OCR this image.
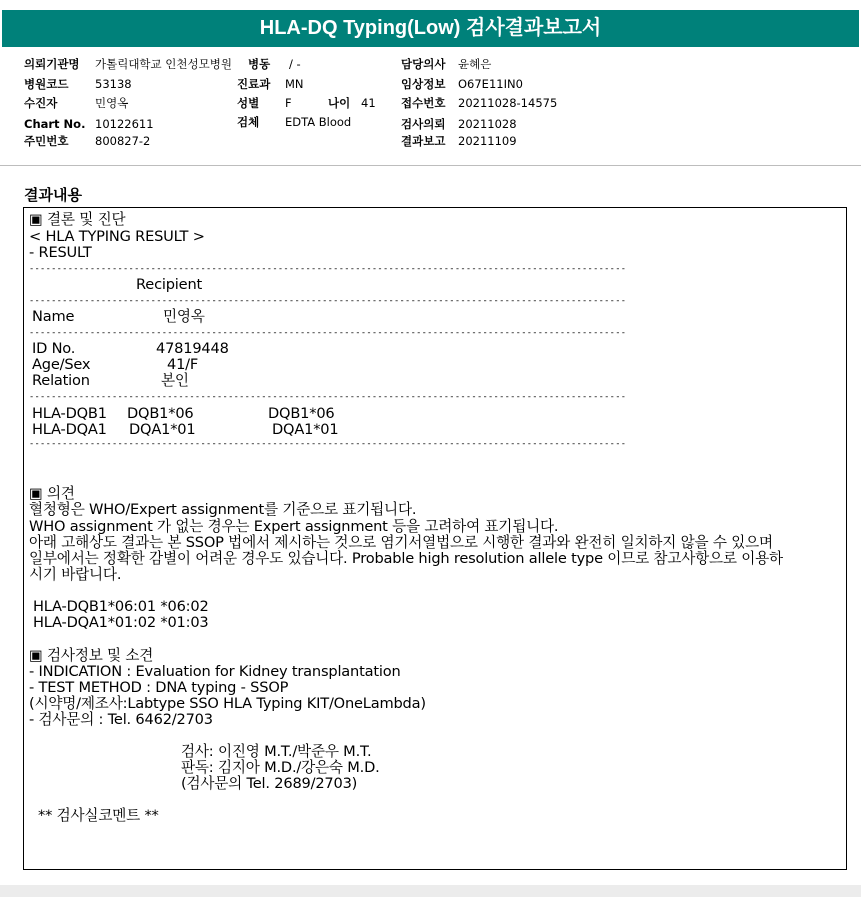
HLA-DQ Typing(Low) 검사결과보고서
의뢰기관명 가톨릭대학교 인천성모병원
병원코드 53138
수진자	민영옥
Chart No. 10122611
주민번호 800827-2
병동 / -
진료과 MN
성별 F	나이 41
검체 EDTA Blood
담당의사 윤혜은
임상정보 O67E11IN0
접수번호 20211028-14575
검사의뢰 20211028
결과보고 20211109
결과내용
▣ 결론 및 진단
< HLA TYPING RESULT >
- RESULT
------------------------------------------------------------------------------------------------------------
Recipient
------------------------------------------------------------------------------------------------------------
Name	민영옥
------------------------------------------------------------------------------------------------------------
ID No.	47819448
Age/Sex	41/F
Relation	본인
------------------------------------------------------------------------------------------------------------
HLA-DQB1 DQB1*06	DQB1*06
HLA-DQA1 DQA1*01	DQA1*01
------------------------------------------------------------------------------------------------------------
▣ 의견
혈청형은 WHO/Expert assignment를 기준으로 표기됩니다.
WHO assignment 가 없는 경우는 Expert assignment 등을 고려하여 표기됩니다.
아래 고해상도 결과는 본 SSOP 법에서 제시하는 것으로 염기서열법으로 시행한 결과와 완전히 일치하지 않을 수 있으며
일부에서는 정확한 감별이 어려운 경우도 있습니다. Probable high resolution allele type 이므로 참고사항으로 이용하
시기 바랍니다.
HLA-DQB1*06:01 *06:02
HLA-DQA1*01:02 *01:03
▣ 검사정보 및 소견
- INDICATION : Evaluation for Kidney transplantation
- TEST METHOD : DNA typing - SSOP
(시약명/제조사:Labtype SSO HLA Typing KIT/OneLambda)
- 검사문의 : Tel. 6462/2703
검사: 이진영 M.T./박준우 M.T.
판독: 김지아 M.D./강은숙 M.D.
(검사문의 Tel. 2689/2703)
** 검사실코멘트 **
